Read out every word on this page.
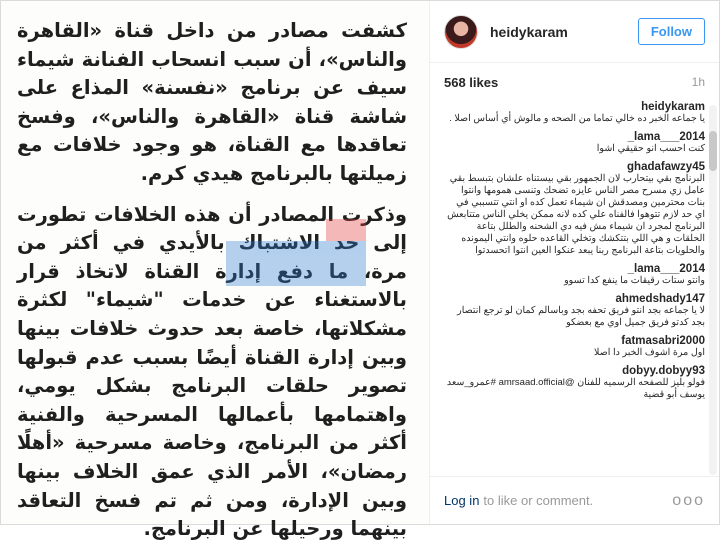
كشفت مصادر من داخل قناة «القاهرة والناس»، أن سبب انسحاب الفنانة شيماء سيف عن برنامج «نفسنة» المذاع على شاشة قناة «القاهرة والناس»، وفسخ تعاقدها مع القناة، هو وجود خلافات مع زميلتها بالبرنامج هيدي كرم.

وذكرت المصادر أن هذه الخلافات تطورت إلى حد الاشتباك بالأيدي في أكثر من مرة، ما دفع إدارة القناة لاتخاذ قرار بالاستغناء عن خدمات "شيماء" لكثرة مشكلاتها، خاصة بعد حدوث خلافات بينها وبين إدارة القناة أيضًا بسبب عدم قبولها تصوير حلقات البرنامج بشكل يومي، واهتمامها بأعمالها المسرحية والفنية أكثر من البرنامج، وخاصة مسرحية «أهلًا رمضان»، الأمر الذي عمق الخلاف بينها وبين الإدارة، ومن ثم تم فسخ التعاقد بينهما ورحيلها عن البرنامج.

heidykaram	Follow
568 likes	1h
heidykaram
يا جماعه الخبر ده خالي تماما من الصحه و مالوش أي أساس اصلا .
_lama___2014
كنت احسب انو حقيقي اشوا
ghadafawzy45
البرنامج بقي بيتحارب لان الجمهور بقي بيستناه علشان بتبسط بقي عامل زي مسرح مصر الناس عايزه تضحك وتنسى همومها وانتوا بنات محترمين ومصدقش ان شيماء تعمل كده او انتي تتسببي في اي حد لازم تتوهوا فالفناه علي كده لانه ممكن يخلي الناس متتابعش البرنامج لمجرد ان شيماء مش فيه دي الشحنه والطلل بتاعة الحلقات و هي اللي بتتكشك وتخلي القاعده حلوه وانتي اليمونده والحلويات بتاعة البرنامج ربنا يبعد عنكوا العين انتوا اتحسدتوا
_lama___2014
وانتو ستات رقيقات ما ينفع كدا تسوو
ahmedshady147
لا يا جماعه بجد انتو فريق تحفه بجد وباسالم كمان لو ترجع انتصار بجد كدتو فريق جميل اوي مع بعضكو
fatmasabri2000
اول مرة اشوف الخبر دا اصلا
dobyy.dobyy93
فولو بليز للصفحه الرسميه للفنان @amrsaad.official #عمرو_سعد يوسف أبو قضية
Log in to like or comment.	ooo
